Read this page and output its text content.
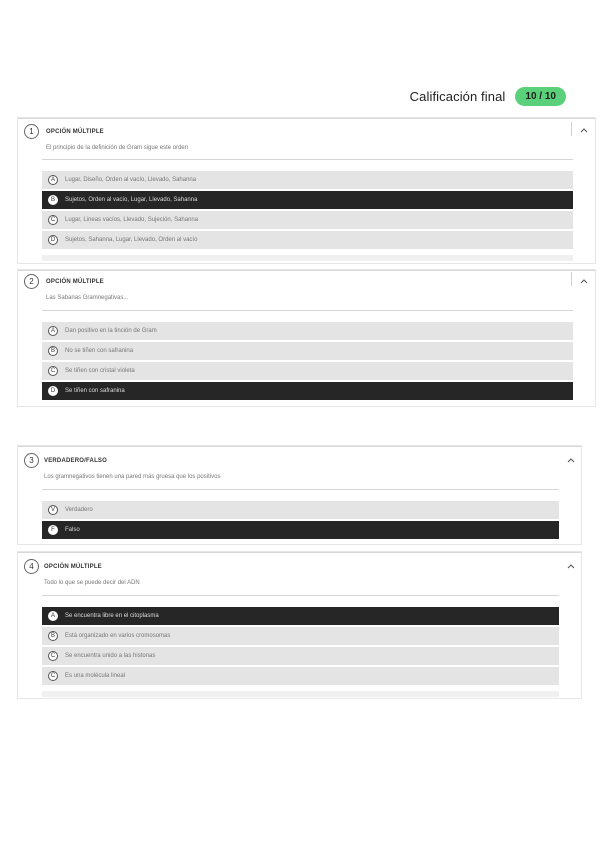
Calificación final	10 / 10
1	OPCIÓN MÚLTIPLE
El principio de la definición de Gram sigue este orden
A	Lugar, Diseño, Orden al vacío, Llevado, Sahanna
B	Sujetos, Orden al vacío, Lugar, Llevado, Sahanna
C	Lugar, Lineas vacíos, Llevado, Sujeción, Sahanna
D	Sujetos, Sahanna, Lugar, Llevado, Orden al vacío
2	OPCIÓN MÚLTIPLE
Las Sabanas Gramnegativas...
A	Dan positivo en la tinción de Gram
B	No se tiñen con safranina
C	Se tiñen con cristal violeta
D	Se tiñen con safranina
3	VERDADERO/FALSO
Los gramnegativos tienen una pared más gruesa que los positivos
V	Verdadero
F	Falso
4	OPCIÓN MÚLTIPLE
Todo lo que se puede decir del ADN
A	Se encuentra libre en el citoplasma
B	Está organizado en varios cromosomas
C	Se encuentra unido a las histonas
C	Es una molécula lineal
